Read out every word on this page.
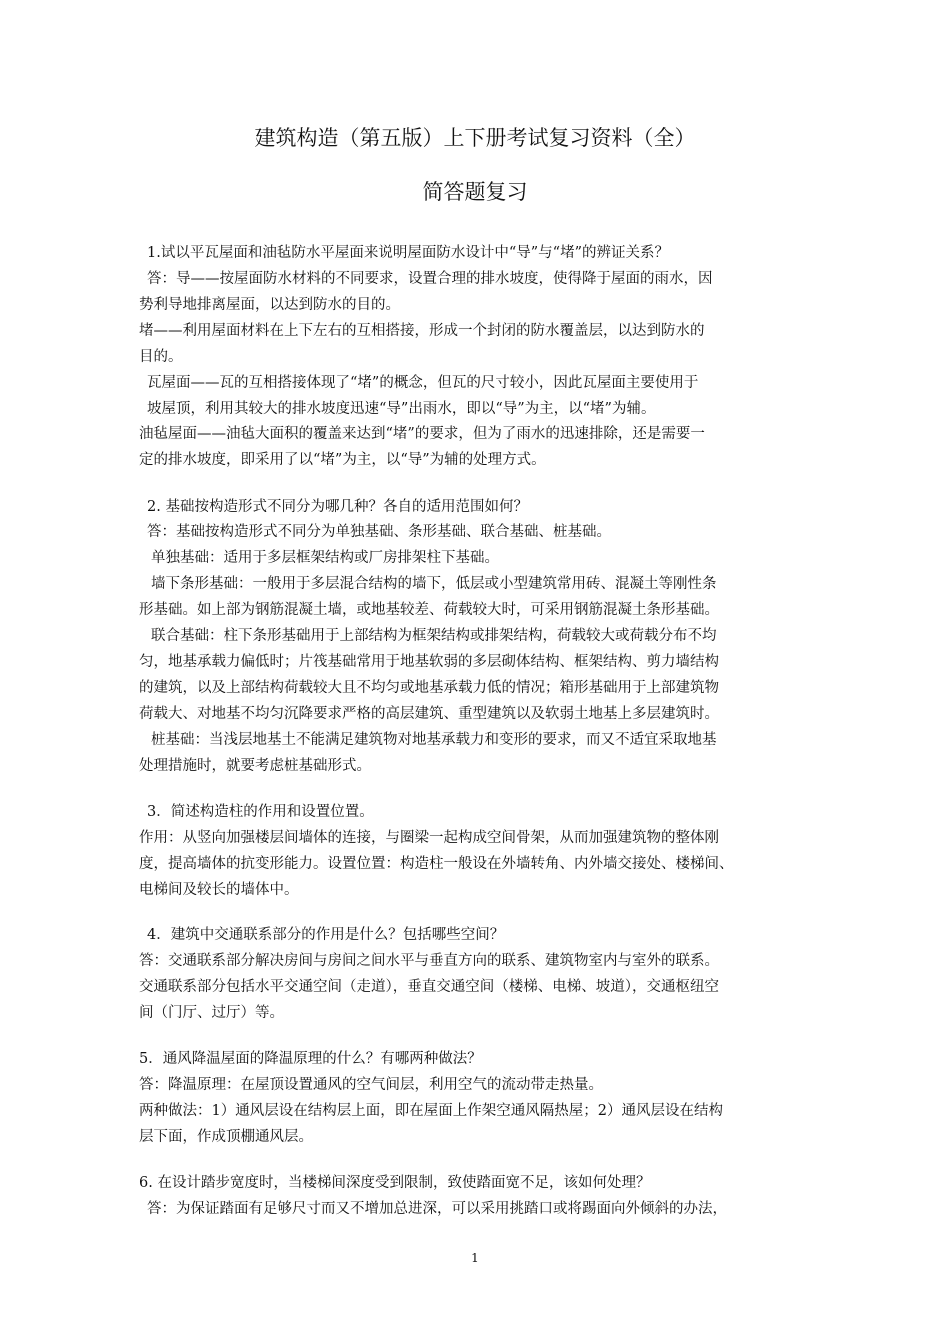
建筑构造（第五版）上下册考试复习资料（全）
简答题复习
1.试以平瓦屋面和油毡防水平屋面来说明屋面防水设计中“导”与“堵”的辨证关系？
答：导——按屋面防水材料的不同要求，设置合理的排水坡度，使得降于屋面的雨水，因
势利导地排离屋面，以达到防水的目的。
堵——利用屋面材料在上下左右的互相搭接，形成一个封闭的防水覆盖层，以达到防水的
目的。
瓦屋面——瓦的互相搭接体现了“堵”的概念，但瓦的尺寸较小，因此瓦屋面主要使用于
坡屋顶，利用其较大的排水坡度迅速“导”出雨水，即以“导”为主，以“堵”为辅。
油毡屋面——油毡大面积的覆盖来达到“堵”的要求，但为了雨水的迅速排除，还是需要一
定的排水坡度，即采用了以“堵”为主，以“导”为辅的处理方式。
2. 基础按构造形式不同分为哪几种？各自的适用范围如何？
答：基础按构造形式不同分为单独基础、条形基础、联合基础、桩基础。
单独基础：适用于多层框架结构或厂房排架柱下基础。
墙下条形基础：一般用于多层混合结构的墙下，低层或小型建筑常用砖、混凝土等刚性条
形基础。如上部为钢筋混凝土墙，或地基较差、荷载较大时，可采用钢筋混凝土条形基础。
联合基础：柱下条形基础用于上部结构为框架结构或排架结构，荷载较大或荷载分布不均
匀，地基承载力偏低时；片筏基础常用于地基软弱的多层砌体结构、框架结构、剪力墙结构
的建筑，以及上部结构荷载较大且不均匀或地基承载力低的情况；箱形基础用于上部建筑物
荷载大、对地基不均匀沉降要求严格的高层建筑、重型建筑以及软弱土地基上多层建筑时。
桩基础：当浅层地基土不能满足建筑物对地基承载力和变形的要求，而又不适宜采取地基
处理措施时，就要考虑桩基础形式。
3．简述构造柱的作用和设置位置。
作用：从竖向加强楼层间墙体的连接，与圈梁一起构成空间骨架，从而加强建筑物的整体刚
度，提高墙体的抗变形能力。设置位置：构造柱一般设在外墙转角、内外墙交接处、楼梯间、
电梯间及较长的墙体中。
4．建筑中交通联系部分的作用是什么？包括哪些空间？
答：交通联系部分解决房间与房间之间水平与垂直方向的联系、建筑物室内与室外的联系。
交通联系部分包括水平交通空间（走道），垂直交通空间（楼梯、电梯、坡道），交通枢纽空
间（门厅、过厅）等。
5．通风降温屋面的降温原理的什么？有哪两种做法？
答：降温原理：在屋顶设置通风的空气间层，利用空气的流动带走热量。
两种做法：1）通风层设在结构层上面，即在屋面上作架空通风隔热屋；2）通风层设在结构
层下面，作成顶棚通风层。
6. 在设计踏步宽度时，当楼梯间深度受到限制，致使踏面宽不足，该如何处理？
答：为保证踏面有足够尺寸而又不增加总进深，可以采用挑踏口或将踢面向外倾斜的办法，
1
